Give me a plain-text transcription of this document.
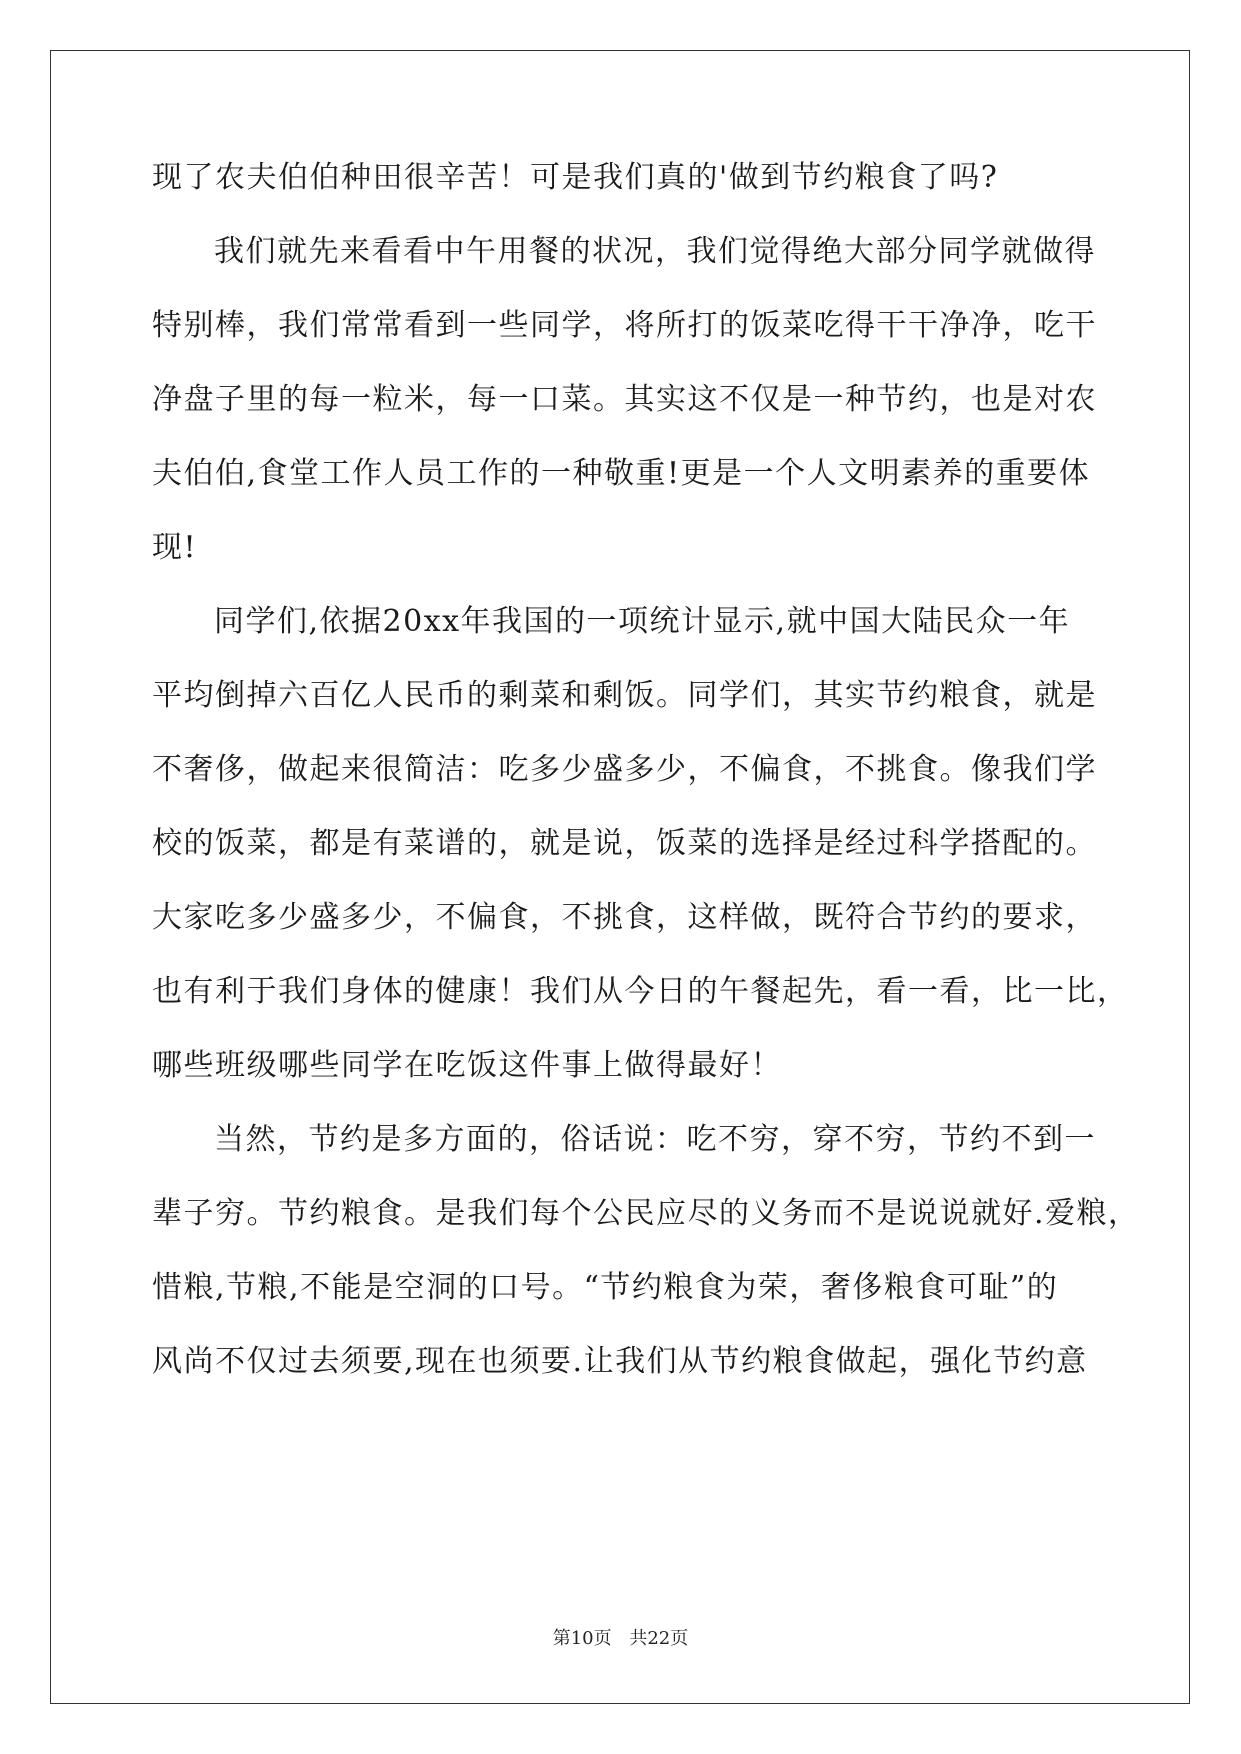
现了农夫伯伯种田很辛苦！可是我们真的'做到节约粮食了吗?
我们就先来看看中午用餐的状况，我们觉得绝大部分同学就做得
特别棒，我们常常看到一些同学，将所打的饭菜吃得干干净净，吃干
净盘子里的每一粒米，每一口菜。其实这不仅是一种节约，也是对农
夫伯伯,食堂工作人员工作的一种敬重!更是一个人文明素养的重要体
现!
同学们,依据20xx年我国的一项统计显示,就中国大陆民众一年
平均倒掉六百亿人民币的剩菜和剩饭。同学们，其实节约粮食，就是
不奢侈，做起来很简洁：吃多少盛多少，不偏食，不挑食。像我们学
校的饭菜，都是有菜谱的，就是说，饭菜的选择是经过科学搭配的。
大家吃多少盛多少，不偏食，不挑食，这样做，既符合节约的要求，
也有利于我们身体的健康！我们从今日的午餐起先，看一看，比一比，
哪些班级哪些同学在吃饭这件事上做得最好！
当然，节约是多方面的，俗话说：吃不穷，穿不穷，节约不到一
辈子穷。节约粮食。是我们每个公民应尽的义务而不是说说就好.爱粮，
惜粮,节粮,不能是空洞的口号。“节约粮食为荣，奢侈粮食可耻”的
风尚不仅过去须要,现在也须要.让我们从节约粮食做起，强化节约意
第10页 共22页
